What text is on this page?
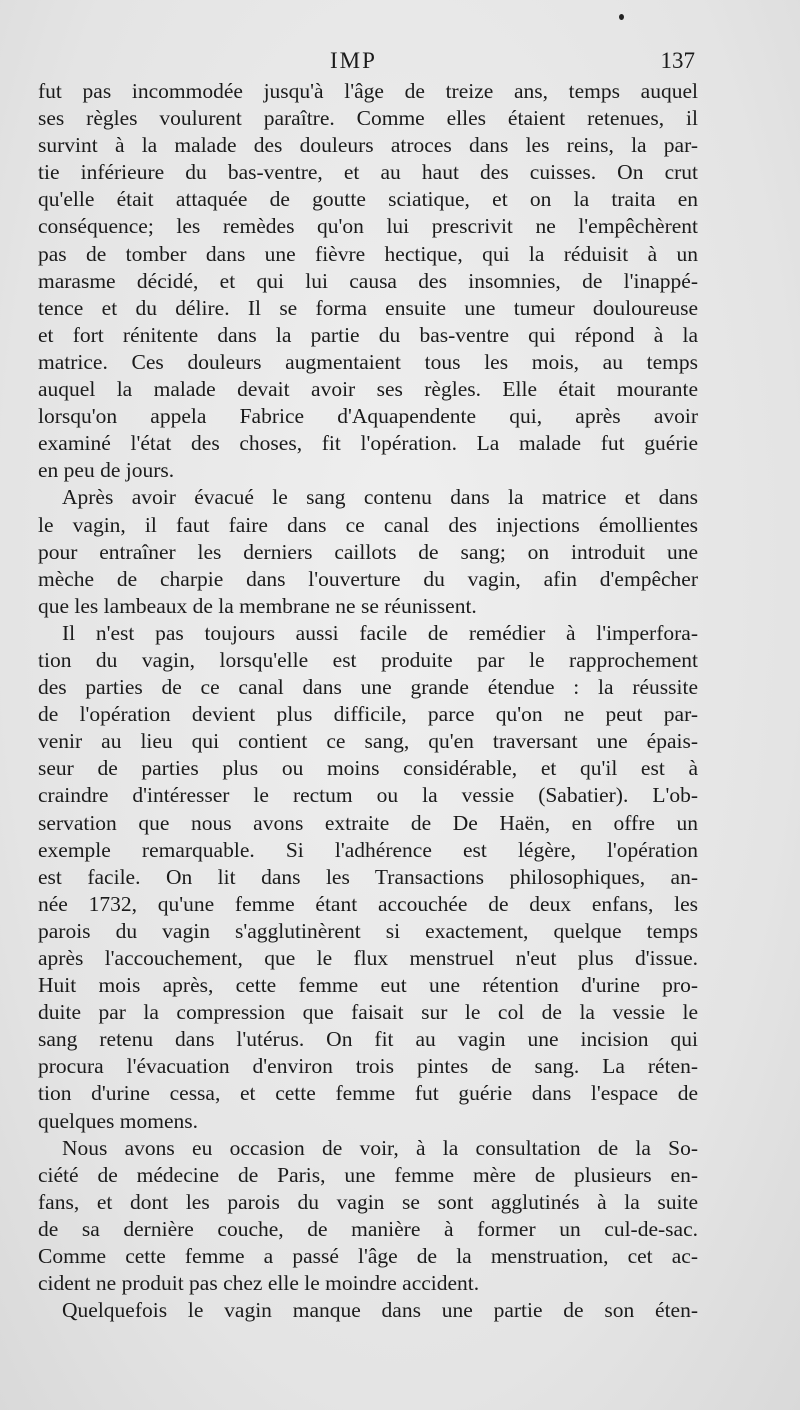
IMP	137
fut pas incommodée jusqu'à l'âge de treize ans, temps auquel
ses règles voulurent paraître. Comme elles étaient retenues, il
survint à la malade des douleurs atroces dans les reins, la par-
tie inférieure du bas-ventre, et au haut des cuisses. On crut
qu'elle était attaquée de goutte sciatique, et on la traita en
conséquence; les remèdes qu'on lui prescrivit ne l'empêchèrent
pas de tomber dans une fièvre hectique, qui la réduisit à un
marasme décidé, et qui lui causa des insomnies, de l'inappé-
tence et du délire. Il se forma ensuite une tumeur douloureuse
et fort rénitente dans la partie du bas-ventre qui répond à la
matrice. Ces douleurs augmentaient tous les mois, au temps
auquel la malade devait avoir ses règles. Elle était mourante
lorsqu'on appela Fabrice d'Aquapendente qui, après avoir
examiné l'état des choses, fit l'opération. La malade fut guérie
en peu de jours.
Après avoir évacué le sang contenu dans la matrice et dans
le vagin, il faut faire dans ce canal des injections émollientes
pour entraîner les derniers caillots de sang; on introduit une
mèche de charpie dans l'ouverture du vagin, afin d'empêcher
que les lambeaux de la membrane ne se réunissent.
Il n'est pas toujours aussi facile de remédier à l'imperfora-
tion du vagin, lorsqu'elle est produite par le rapprochement
des parties de ce canal dans une grande étendue : la réussite
de l'opération devient plus difficile, parce qu'on ne peut par-
venir au lieu qui contient ce sang, qu'en traversant une épais-
seur de parties plus ou moins considérable, et qu'il est à
craindre d'intéresser le rectum ou la vessie (Sabatier). L'ob-
servation que nous avons extraite de De Haën, en offre un
exemple remarquable. Si l'adhérence est légère, l'opération
est facile. On lit dans les Transactions philosophiques, an-
née 1732, qu'une femme étant accouchée de deux enfans, les
parois du vagin s'agglutinèrent si exactement, quelque temps
après l'accouchement, que le flux menstruel n'eut plus d'issue.
Huit mois après, cette femme eut une rétention d'urine pro-
duite par la compression que faisait sur le col de la vessie le
sang retenu dans l'utérus. On fit au vagin une incision qui
procura l'évacuation d'environ trois pintes de sang. La réten-
tion d'urine cessa, et cette femme fut guérie dans l'espace de
quelques momens.
Nous avons eu occasion de voir, à la consultation de la So-
ciété de médecine de Paris, une femme mère de plusieurs en-
fans, et dont les parois du vagin se sont agglutinés à la suite
de sa dernière couche, de manière à former un cul-de-sac.
Comme cette femme a passé l'âge de la menstruation, cet ac-
cident ne produit pas chez elle le moindre accident.
Quelquefois le vagin manque dans une partie de son éten-
